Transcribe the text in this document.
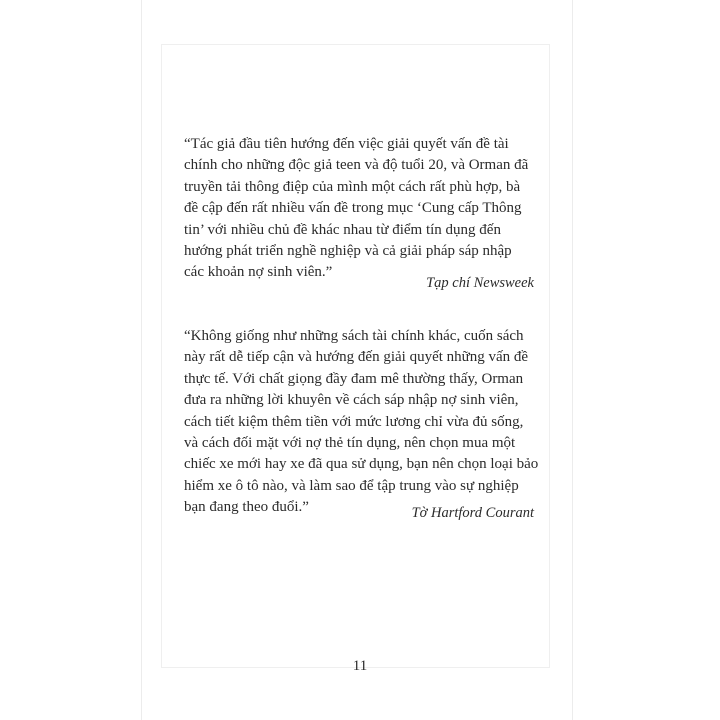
“Tác giả đầu tiên hướng đến việc giải quyết vấn đề tài
chính cho những độc giả teen và độ tuổi 20, và Orman đã
truyền tải thông điệp của mình một cách rất phù hợp, bà
đề cập đến rất nhiều vấn đề trong mục ‘Cung cấp Thông
tin’ với nhiều chủ đề khác nhau từ điểm tín dụng đến
hướng phát triển nghề nghiệp và cả giải pháp sáp nhập
các khoản nợ sinh viên.”

Tạp chí Newsweek

“Không giống như những sách tài chính khác, cuốn sách
này rất dễ tiếp cận và hướng đến giải quyết những vấn đề
thực tế. Với chất giọng đầy đam mê thường thấy, Orman
đưa ra những lời khuyên về cách sáp nhập nợ sinh viên,
cách tiết kiệm thêm tiền với mức lương chỉ vừa đủ sống,
và cách đối mặt với nợ thẻ tín dụng, nên chọn mua một
chiếc xe mới hay xe đã qua sử dụng, bạn nên chọn loại bảo
hiểm xe ô tô nào, và làm sao để tập trung vào sự nghiệp
bạn đang theo đuổi.”	Tờ Hartford Courant

11
